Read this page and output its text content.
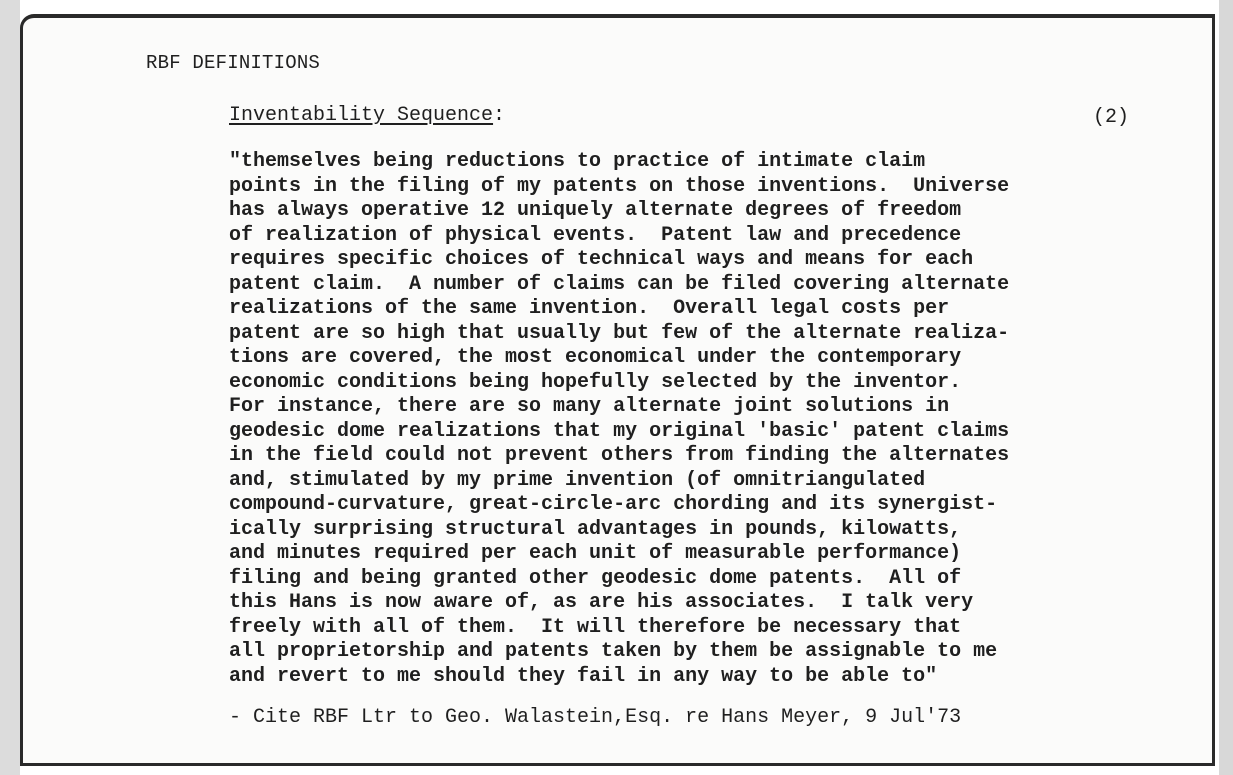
RBF DEFINITIONS

Inventability Sequence:	(2)

"themselves being reductions to practice of intimate claim
points in the filing of my patents on those inventions.  Universe
has always operative 12 uniquely alternate degrees of freedom
of realization of physical events.  Patent law and precedence
requires specific choices of technical ways and means for each
patent claim.  A number of claims can be filed covering alternate
realizations of the same invention.  Overall legal costs per
patent are so high that usually but few of the alternate realiza-
tions are covered, the most economical under the contemporary
economic conditions being hopefully selected by the inventor.
For instance, there are so many alternate joint solutions in
geodesic dome realizations that my original 'basic' patent claims
in the field could not prevent others from finding the alternates
and, stimulated by my prime invention (of omnitriangulated
compound-curvature, great-circle-arc chording and its synergist-
ically surprising structural advantages in pounds, kilowatts,
and minutes required per each unit of measurable performance)
filing and being granted other geodesic dome patents.  All of
this Hans is now aware of, as are his associates.  I talk very
freely with all of them.  It will therefore be necessary that
all proprietorship and patents taken by them be assignable to me
and revert to me should they fail in any way to be able to"

- Cite RBF Ltr to Geo. Walastein,Esq. re Hans Meyer, 9 Jul'73
